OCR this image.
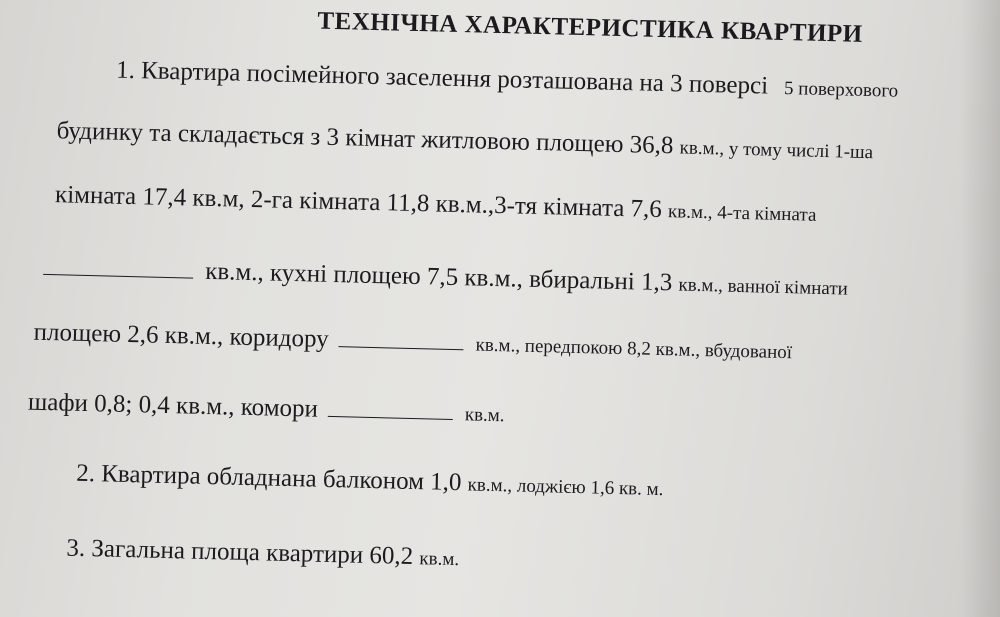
ТЕХНІЧНА ХАРАКТЕРИСТИКА КВАРТИРИ
1. Квартира посімейного заселення розташована на 3 поверсі 5 поверхового
будинку та складається з 3 кімнат житловою площею 36,8 кв.м., у тому числі 1-ша
кімната 17,4 кв.м, 2-га кімната 11,8 кв.м.,3-тя кімната 7,6 кв.м., 4-та кімната
кв.м., кухні площею 7,5 кв.м., вбиральні 1,3 кв.м., ванної кімнати
площею 2,6 кв.м., коридору	кв.м., передпокою 8,2 кв.м., вбудованої
шафи 0,8; 0,4 кв.м., комори	кв.м.
2. Квартира обладнана балконом 1,0 кв.м., лоджією 1,6 кв. м.
3. Загальна площа квартири 60,2 кв.м.
